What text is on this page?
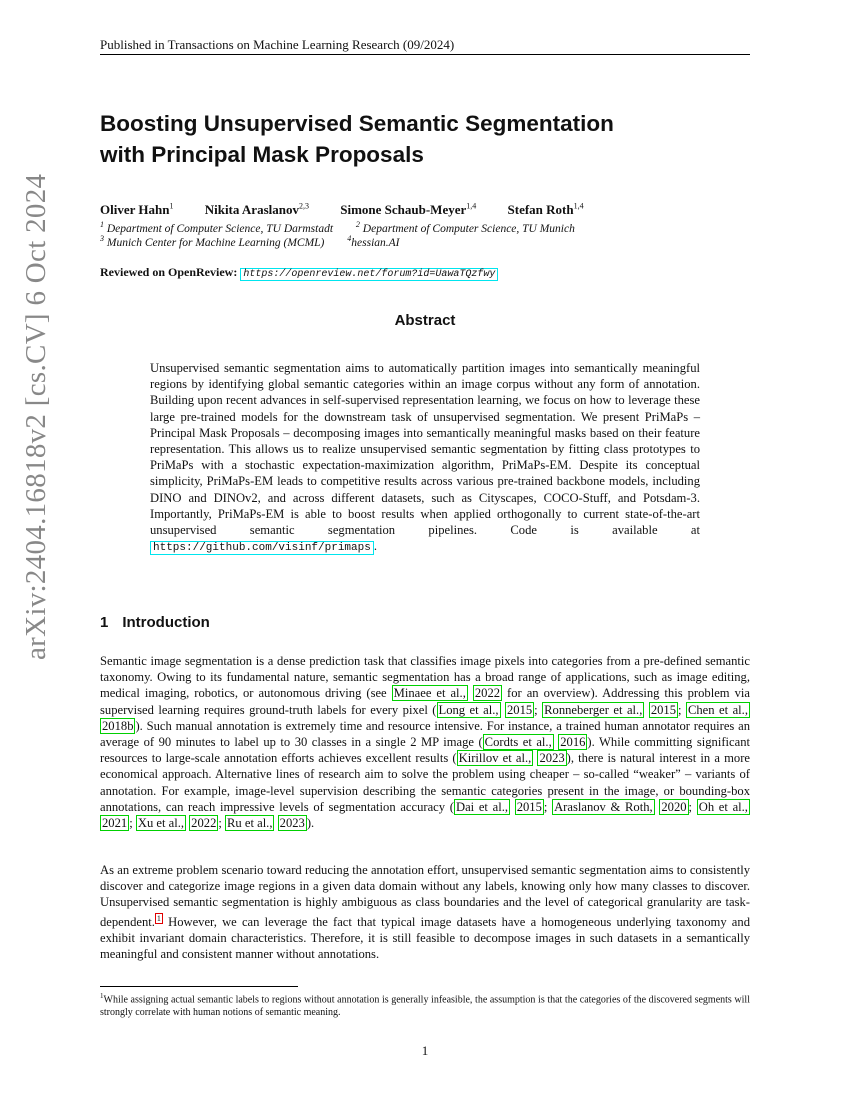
Published in Transactions on Machine Learning Research (09/2024)
arXiv:2404.16818v2 [cs.CV] 6 Oct 2024
Boosting Unsupervised Semantic Segmentation
with Principal Mask Proposals
Oliver Hahn$^1$ Nikita Araslanov$^{2,3}$ Simone Schaub-Meyer$^{1,4}$ Stefan Roth$^{1,4}$
$^1$ Department of Computer Science, TU Darmstadt	$^2$ Department of Computer Science, TU Munich
$^3$ Munich Center for Machine Learning (MCML)	$^4$hessian.AI
Reviewed on OpenReview: https://openreview.net/forum?id=UawaTQzfwy
Abstract
Unsupervised semantic segmentation aims to automatically partition images into semantically meaningful regions by identifying global semantic categories within an image corpus without any form of annotation. Building upon recent advances in self-supervised representation learning, we focus on how to leverage these large pre-trained models for the downstream task of unsupervised segmentation. We present PriMaPs – Principal Mask Proposals – decomposing images into semantically meaningful masks based on their feature representation. This allows us to realize unsupervised semantic segmentation by fitting class prototypes to PriMaPs with a stochastic expectation-maximization algorithm, PriMaPs-EM. Despite its conceptual simplicity, PriMaPs-EM leads to competitive results across various pre-trained backbone models, including DINO and DINOv2, and across different datasets, such as Cityscapes, COCO-Stuff, and Potsdam-3. Importantly, PriMaPs-EM is able to boost results when applied orthogonally to current state-of-the-art unsupervised semantic segmentation pipelines. Code is available at https://github.com/visinf/primaps .
1 Introduction
Semantic image segmentation is a dense prediction task that classifies image pixels into categories from a pre-defined semantic taxonomy. Owing to its fundamental nature, semantic segmentation has a broad range of applications, such as image editing, medical imaging, robotics, or autonomous driving (see Minaee et al., 2022 for an overview). Addressing this problem via supervised learning requires ground-truth labels for every pixel ( Long et al., 2015 ; Ronneberger et al., 2015 ; Chen et al., 2018b ). Such manual annotation is extremely time and resource intensive. For instance, a trained human annotator requires an average of 90 minutes to label up to 30 classes in a single 2 MP image ( Cordts et al., 2016 ). While committing significant resources to large-scale annotation efforts achieves excellent results ( Kirillov et al., 2023 ), there is natural interest in a more economical approach. Alternative lines of research aim to solve the problem using cheaper – so-called “weaker” – variants of annotation. For example, image-level supervision describing the semantic categories present in the image, or bounding-box annotations, can reach impressive levels of segmentation accuracy ( Dai et al., 2015 ; Araslanov & Roth, 2020 ; Oh et al., 2021 ; Xu et al., 2022 ; Ru et al., 2023 ).
As an extreme problem scenario toward reducing the annotation effort, unsupervised semantic segmentation aims to consistently discover and categorize image regions in a given data domain without any labels, knowing only how many classes to discover. Unsupervised semantic segmentation is highly ambiguous as class boundaries and the level of categorical granularity are task-dependent. $^1$ However, we can leverage the fact that typical image datasets have a homogeneous underlying taxonomy and exhibit invariant domain characteristics. Therefore, it is still feasible to decompose images in such datasets in a semantically meaningful and consistent manner without annotations.
$^1$While assigning actual semantic labels to regions without annotation is generally infeasible, the assumption is that the categories of the discovered segments will strongly correlate with human notions of semantic meaning.
1
